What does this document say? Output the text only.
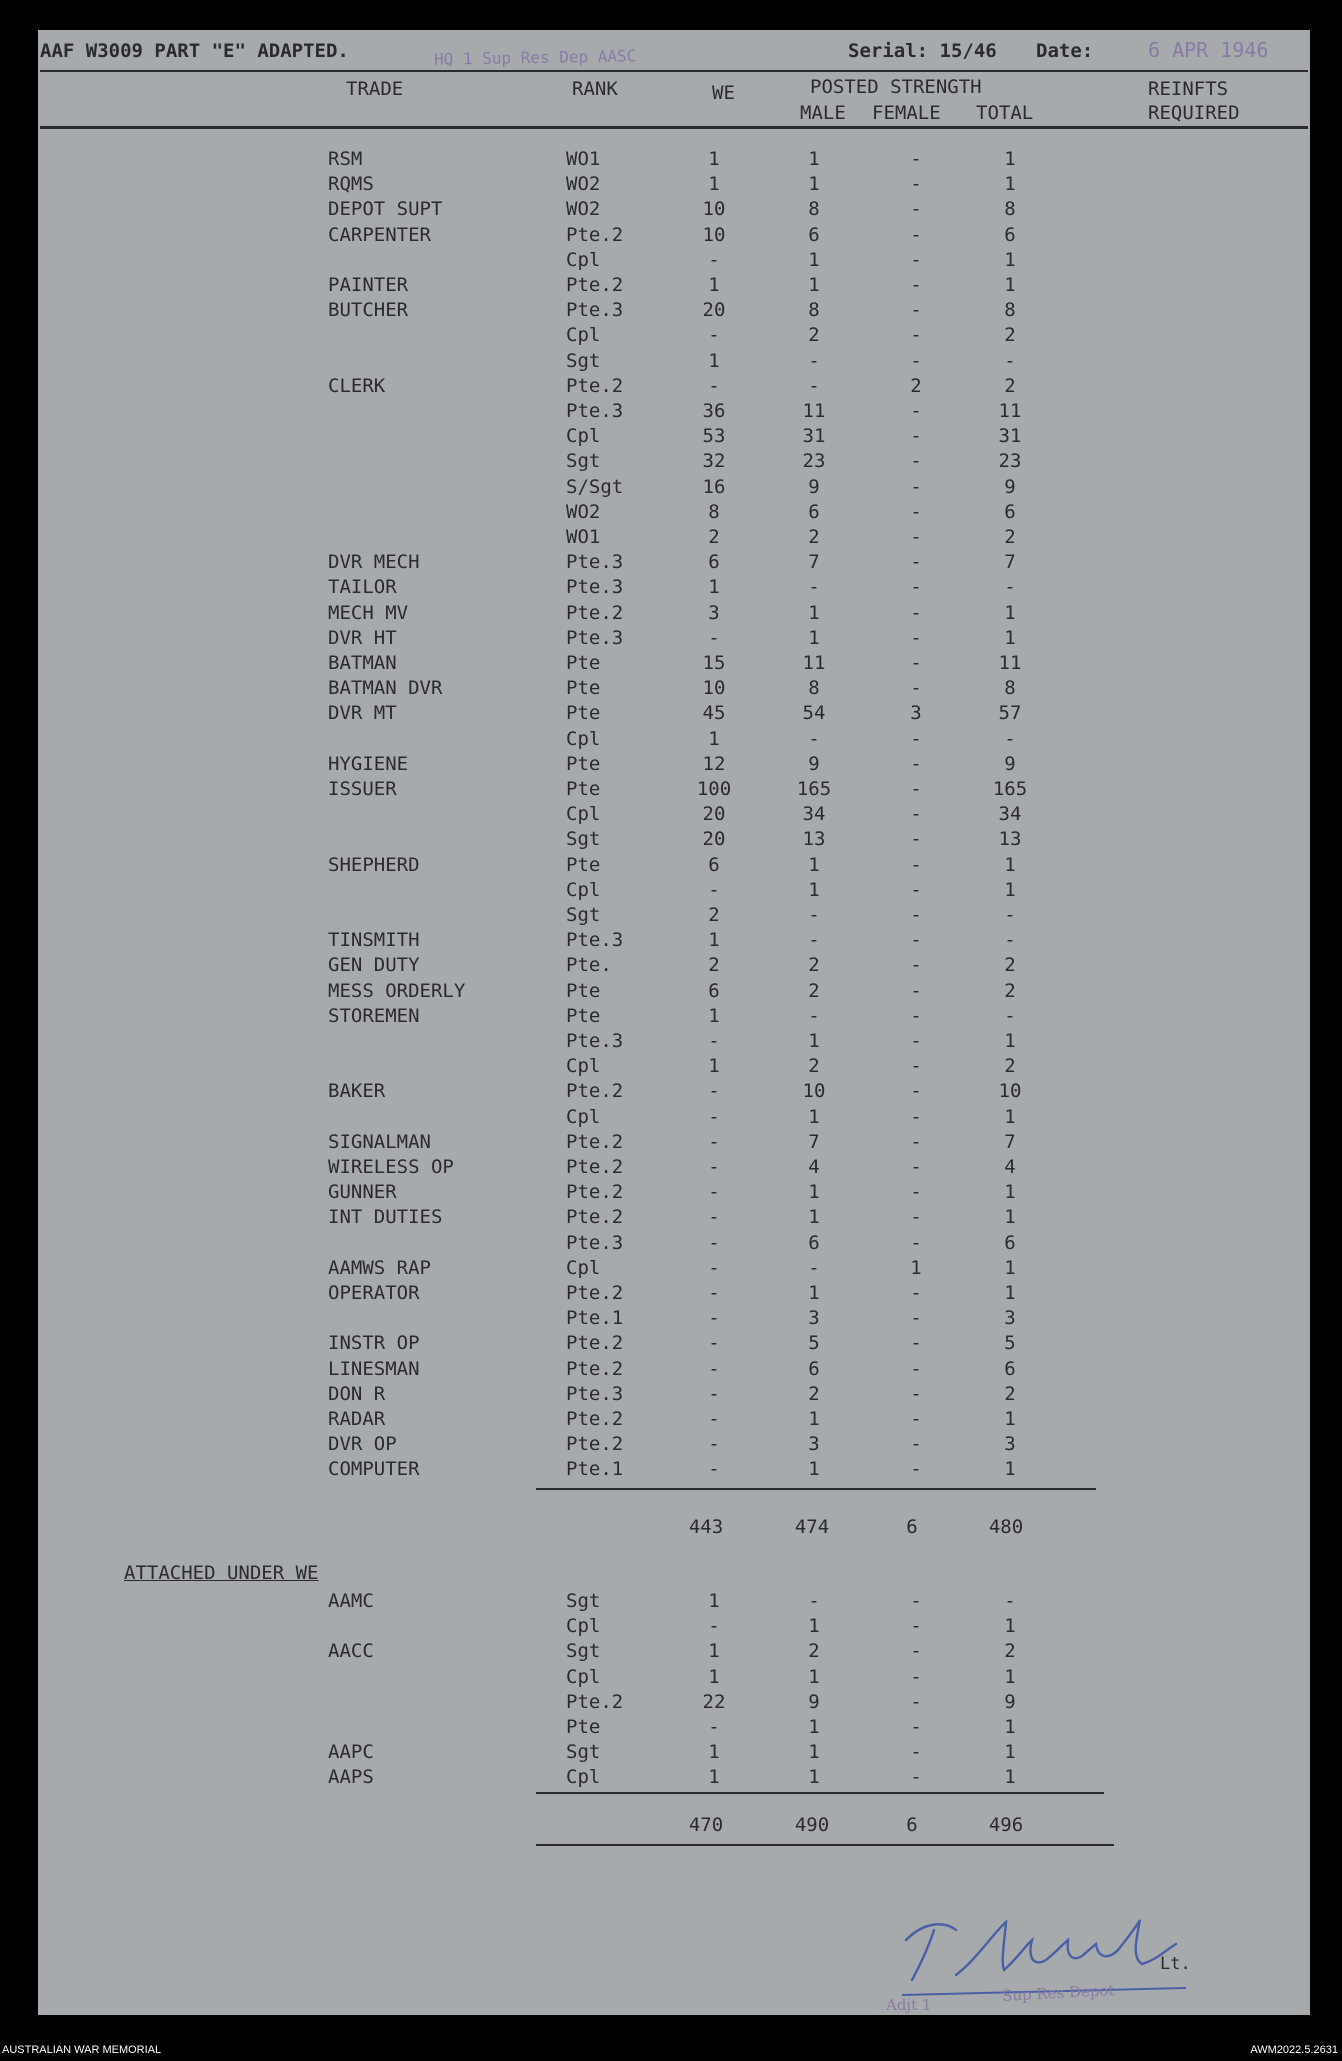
AAF W3009 PART "E" ADAPTED.	HQ 1 Sup Res Dep AASC	Serial: 15/46 Date:	6 APR 1946
TRADE	RANK	WE	POSTED STRENGTH
MALE FEMALE TOTAL
REINFTS
REQUIRED
RSM	WO1	1	1	-	1
RQMS	WO2	1	1	-	1
DEPOT SUPT	WO2	10	8	-	8
CARPENTER	Pte.2	10	6	-	6
Cpl	-	1	-	1
PAINTER	Pte.2	1	1	-	1
BUTCHER	Pte.3	20	8	-	8
Cpl	-	2	-	2
Sgt	1	-	-	-
CLERK	Pte.2	-	-	2	2
Pte.3	36	11	-	11
Cpl	53	31	-	31
Sgt	32	23	-	23
S/Sgt	16	9	-	9
WO2	8	6	-	6
WO1	2	2	-	2
DVR MECH	Pte.3	6	7	-	7
TAILOR	Pte.3	1	-	-	-
MECH MV	Pte.2	3	1	-	1
DVR HT	Pte.3	-	1	-	1
BATMAN	Pte	15	11	-	11
BATMAN DVR	Pte	10	8	-	8
DVR MT	Pte	45	54	3	57
Cpl	1	-	-	-
HYGIENE	Pte	12	9	-	9
ISSUER	Pte	100	165	-	165
Cpl	20	34	-	34
Sgt	20	13	-	13
SHEPHERD	Pte	6	1	-	1
Cpl	-	1	-	1
Sgt	2	-	-	-
TINSMITH	Pte.3	1	-	-	-
GEN DUTY	Pte.	2	2	-	2
MESS ORDERLY	Pte	6	2	-	2
STOREMEN	Pte	1	-	-	-
Pte.3	-	1	-	1
Cpl	1	2	-	2
BAKER	Pte.2	-	10	-	10
Cpl	-	1	-	1
SIGNALMAN	Pte.2	-	7	-	7
WIRELESS OP	Pte.2	-	4	-	4
GUNNER	Pte.2	-	1	-	1
INT DUTIES	Pte.2	-	1	-	1
Pte.3	-	6	-	6
AAMWS RAP	Cpl	-	-	1	1
OPERATOR	Pte.2	-	1	-	1
Pte.1	-	3	-	3
INSTR OP	Pte.2	-	5	-	5
LINESMAN	Pte.2	-	6	-	6
DON R	Pte.3	-	2	-	2
RADAR	Pte.2	-	1	-	1
DVR OP	Pte.2	-	3	-	3
COMPUTER	Pte.1	-	1	-	1
443	474	6	480
ATTACHED UNDER WE
AAMC	Sgt	1	-	-	-
Cpl	-	1	-	1
AACC	Sgt	1	2	-	2
Cpl	1	1	-	1
Pte.2	22	9	-	9
Pte	-	1	-	1
AAPC	Sgt	1	1	-	1
AAPS	Cpl	1	1	-	1
470	490	6	496
Lt.
Adjt 1
Sup Res Depot
AUSTRALIAN WAR MEMORIAL	AWM2022.5.2631
